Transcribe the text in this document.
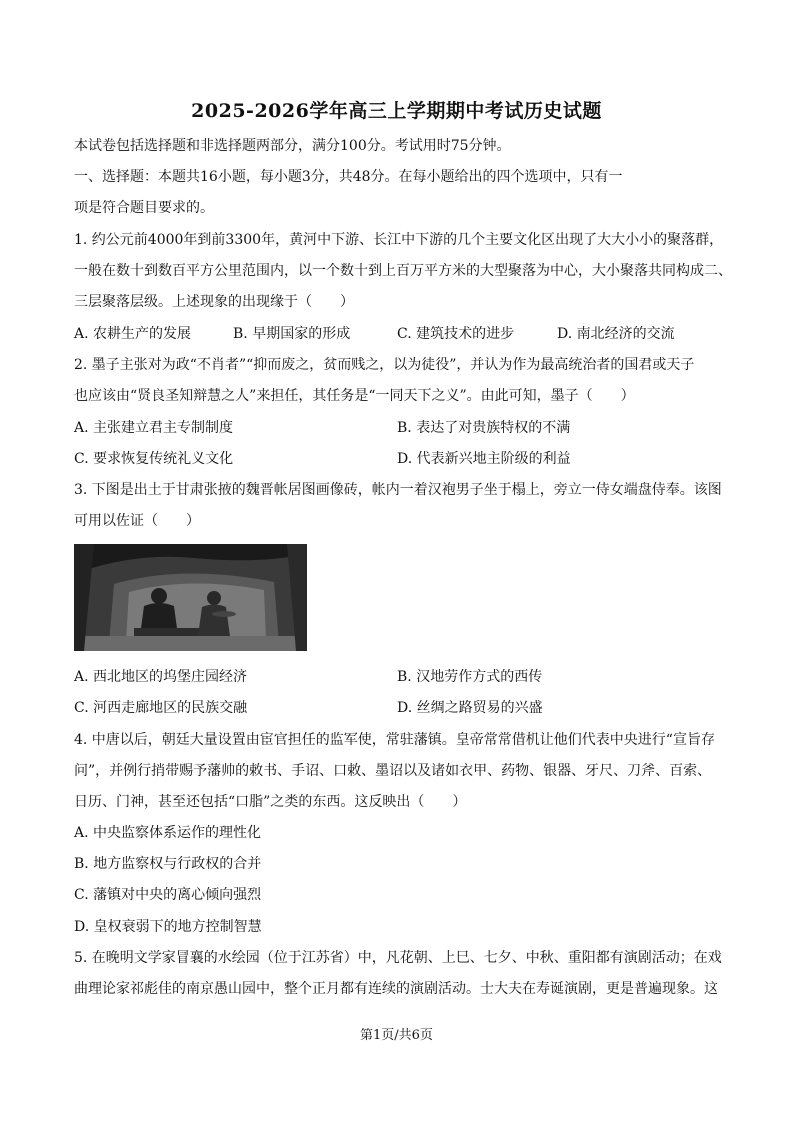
2025-2026学年高三上学期期中考试历史试题
本试卷包括选择题和非选择题两部分，满分100分。考试用时75分钟。
一、选择题：本题共16小题，每小题3分，共48分。在每小题给出的四个选项中，只有一
项是符合题目要求的。
1. 约公元前4000年到前3300年，黄河中下游、长江中下游的几个主要文化区出现了大大小小的聚落群，
一般在数十到数百平方公里范围内，以一个数十到上百万平方米的大型聚落为中心，大小聚落共同构成二、
三层聚落层级。上述现象的出现缘于（　　）
A. 农耕生产的发展	B. 早期国家的形成	C. 建筑技术的进步	D. 南北经济的交流
2. 墨子主张对为政“不肖者”“抑而废之，贫而贱之，以为徒役”，并认为作为最高统治者的国君或天子
也应该由“贤良圣知辩慧之人”来担任，其任务是“一同天下之义”。由此可知，墨子（　　）
A. 主张建立君主专制制度	B. 表达了对贵族特权的不满
C. 要求恢复传统礼义文化	D. 代表新兴地主阶级的利益
3. 下图是出土于甘肃张掖的魏晋帐居图画像砖，帐内一着汉袍男子坐于榻上，旁立一侍女端盘侍奉。该图
可用以佐证（　　）
A. 西北地区的坞堡庄园经济	B. 汉地劳作方式的西传
C. 河西走廊地区的民族交融	D. 丝绸之路贸易的兴盛
4. 中唐以后，朝廷大量设置由宦官担任的监军使，常驻藩镇。皇帝常常借机让他们代表中央进行“宣旨存
问”，并例行捎带赐予藩帅的敕书、手诏、口敕、墨诏以及诸如衣甲、药物、银器、牙尺、刀斧、百索、
日历、门神，甚至还包括“口脂”之类的东西。这反映出（　　）
A. 中央监察体系运作的理性化
B. 地方监察权与行政权的合并
C. 藩镇对中央的离心倾向强烈
D. 皇权衰弱下的地方控制智慧
5. 在晚明文学家冒襄的水绘园（位于江苏省）中，凡花朝、上巳、七夕、中秋、重阳都有演剧活动；在戏
曲理论家祁彪佳的南京愚山园中，整个正月都有连续的演剧活动。士大夫在寿诞演剧，更是普遍现象。这
第1页/共6页
